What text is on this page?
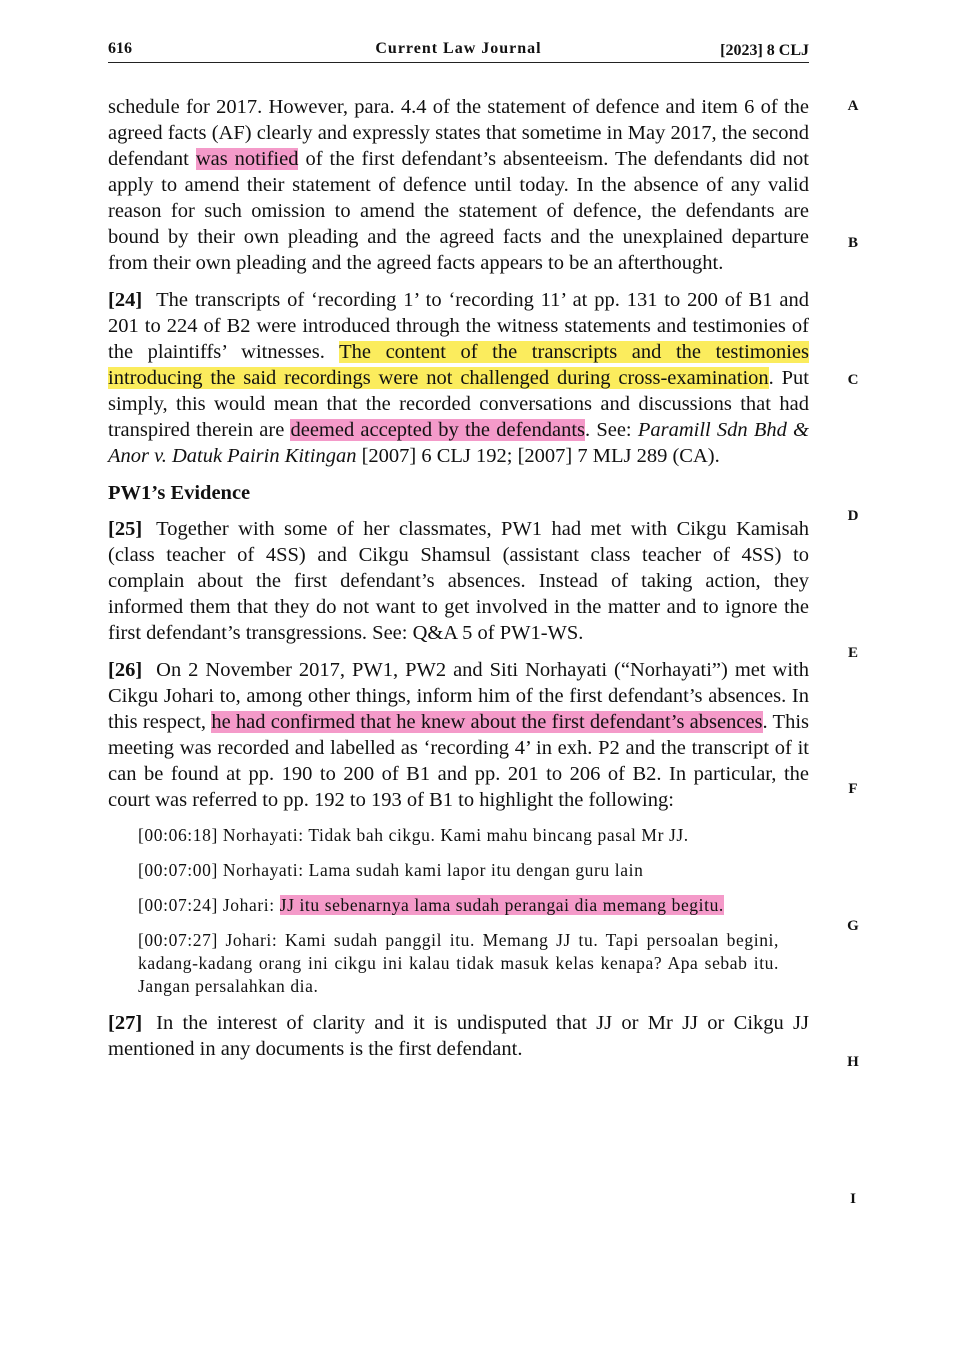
616	Current Law Journal	[2023] 8 CLJ
A
B
C
D
E
F
G
H
I

schedule for 2017. However, para. 4.4 of the statement of defence and item 6 of the agreed facts (AF) clearly and expressly states that sometime in May 2017, the second defendant was notified of the first defendant’s absenteeism. The defendants did not apply to amend their statement of defence until today. In the absence of any valid reason for such omission to amend the statement of defence, the defendants are bound by their own pleading and the agreed facts and the unexplained departure from their own pleading and the agreed facts appears to be an afterthought.

[24] The transcripts of ‘recording 1’ to ‘recording 11’ at pp. 131 to 200 of B1 and 201 to 224 of B2 were introduced through the witness statements and testimonies of the plaintiffs’ witnesses. The content of the transcripts and the testimonies introducing the said recordings were not challenged during cross-examination. Put simply, this would mean that the recorded conversations and discussions that had transpired therein are deemed accepted by the defendants. See: Paramill Sdn Bhd & Anor v. Datuk Pairin Kitingan [2007] 6 CLJ 192; [2007] 7 MLJ 289 (CA).

PW1’s Evidence

[25] Together with some of her classmates, PW1 had met with Cikgu Kamisah (class teacher of 4SS) and Cikgu Shamsul (assistant class teacher of 4SS) to complain about the first defendant’s absences. Instead of taking action, they informed them that they do not want to get involved in the matter and to ignore the first defendant’s transgressions. See: Q&A 5 of PW1-WS.

[26] On 2 November 2017, PW1, PW2 and Siti Norhayati (“Norhayati”) met with Cikgu Johari to, among other things, inform him of the first defendant’s absences. In this respect, he had confirmed that he knew about the first defendant’s absences. This meeting was recorded and labelled as ‘recording 4’ in exh. P2 and the transcript of it can be found at pp. 190 to 200 of B1 and pp. 201 to 206 of B2. In particular, the court was referred to pp. 192 to 193 of B1 to highlight the following:

[00:06:18] Norhayati: Tidak bah cikgu. Kami mahu bincang pasal Mr JJ.
[00:07:00] Norhayati: Lama sudah kami lapor itu dengan guru lain
[00:07:24] Johari: JJ itu sebenarnya lama sudah perangai dia memang begitu.
[00:07:27] Johari: Kami sudah panggil itu. Memang JJ tu. Tapi persoalan begini, kadang-kadang orang ini cikgu ini kalau tidak masuk kelas kenapa? Apa sebab itu. Jangan persalahkan dia.

[27] In the interest of clarity and it is undisputed that JJ or Mr JJ or Cikgu JJ mentioned in any documents is the first defendant.
